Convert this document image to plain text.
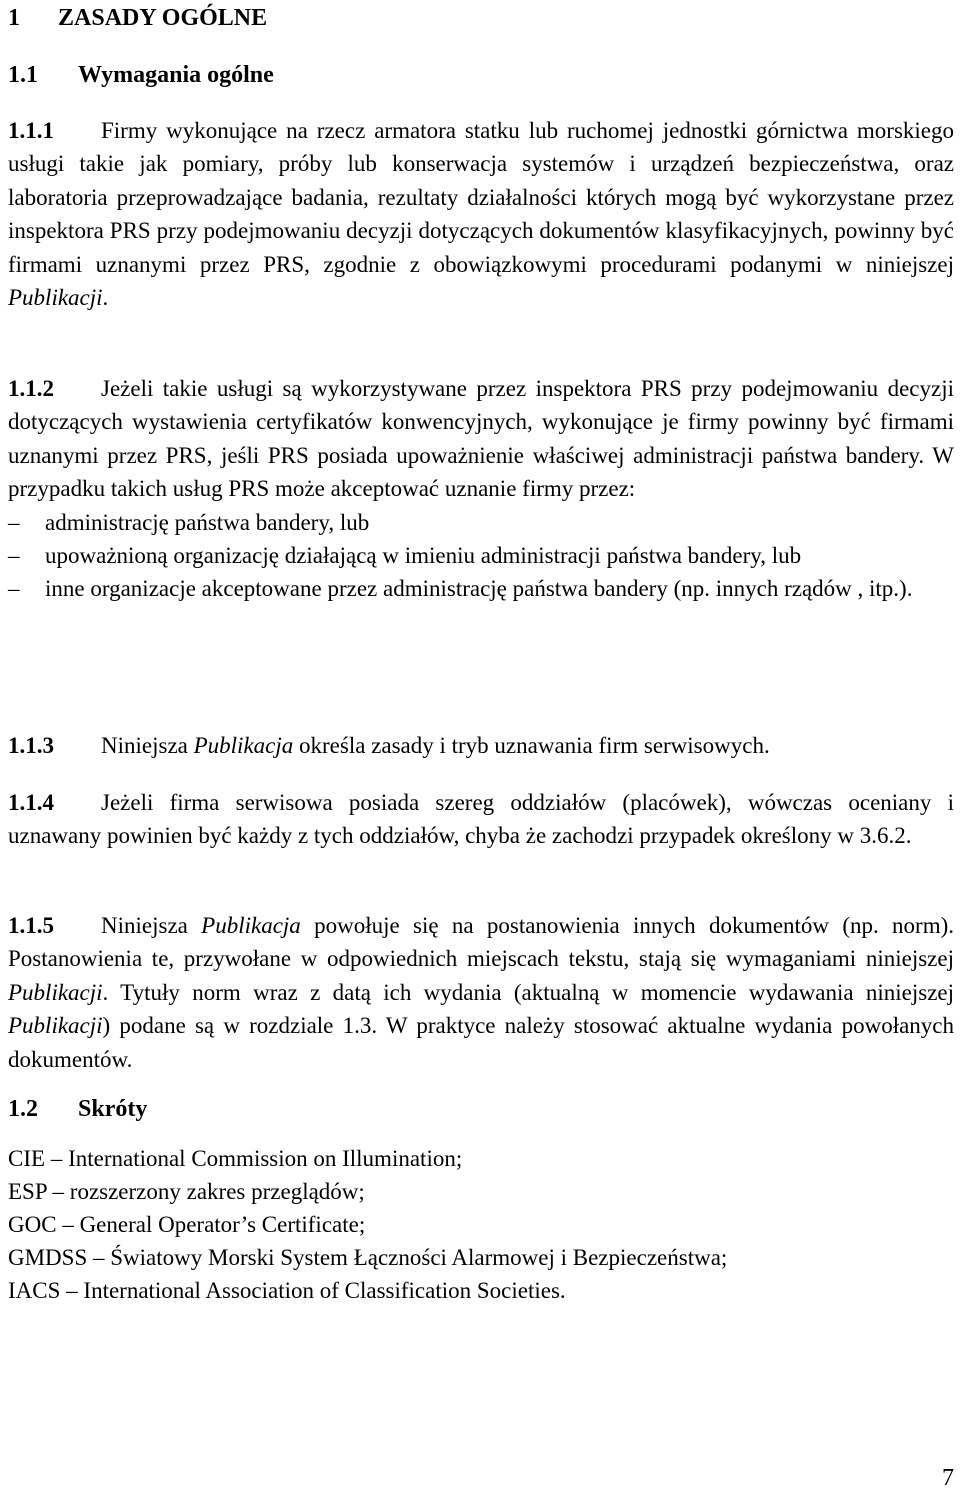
1 ZASADY OGÓLNE
1.1 Wymagania ogólne
1.1.1 Firmy wykonujące na rzecz armatora statku lub ruchomej jednostki górnictwa morskiego usługi takie jak pomiary, próby lub konserwacja systemów i urządzeń bezpieczeństwa, oraz laboratoria przeprowadzające badania, rezultaty działalności których mogą być wykorzystane przez inspektora PRS przy podejmowaniu decyzji dotyczących dokumentów klasyfikacyjnych, powinny być firmami uznanymi przez PRS, zgodnie z obowiązkowymi procedurami podanymi w niniejszej Publikacji.
1.1.2 Jeżeli takie usługi są wykorzystywane przez inspektora PRS przy podejmowaniu decyzji dotyczących wystawienia certyfikatów konwencyjnych, wykonujące je firmy powinny być firmami uznanymi przez PRS, jeśli PRS posiada upoważnienie właściwej administracji państwa bandery. W przypadku takich usług PRS może akceptować uznanie firmy przez:
– administrację państwa bandery, lub
– upoważnioną organizację działającą w imieniu administracji państwa bandery, lub
– inne organizacje akceptowane przez administrację państwa bandery (np. innych rządów , itp.).
1.1.3 Niniejsza Publikacja określa zasady i tryb uznawania firm serwisowych.
1.1.4 Jeżeli firma serwisowa posiada szereg oddziałów (placówek), wówczas oceniany i uznawany powinien być każdy z tych oddziałów, chyba że zachodzi przypadek określony w 3.6.2.
1.1.5 Niniejsza Publikacja powołuje się na postanowienia innych dokumentów (np. norm). Postanowienia te, przywołane w odpowiednich miejscach tekstu, stają się wymaganiami niniejszej Publikacji. Tytuły norm wraz z datą ich wydania (aktualną w momencie wydawania niniejszej Publikacji) podane są w rozdziale 1.3. W praktyce należy stosować aktualne wydania powołanych dokumentów.
1.2 Skróty
CIE – International Commission on Illumination;
ESP – rozszerzony zakres przeglądów;
GOC – General Operator’s Certificate;
GMDSS – Światowy Morski System Łączności Alarmowej i Bezpieczeństwa;
IACS – International Association of Classification Societies.
7
